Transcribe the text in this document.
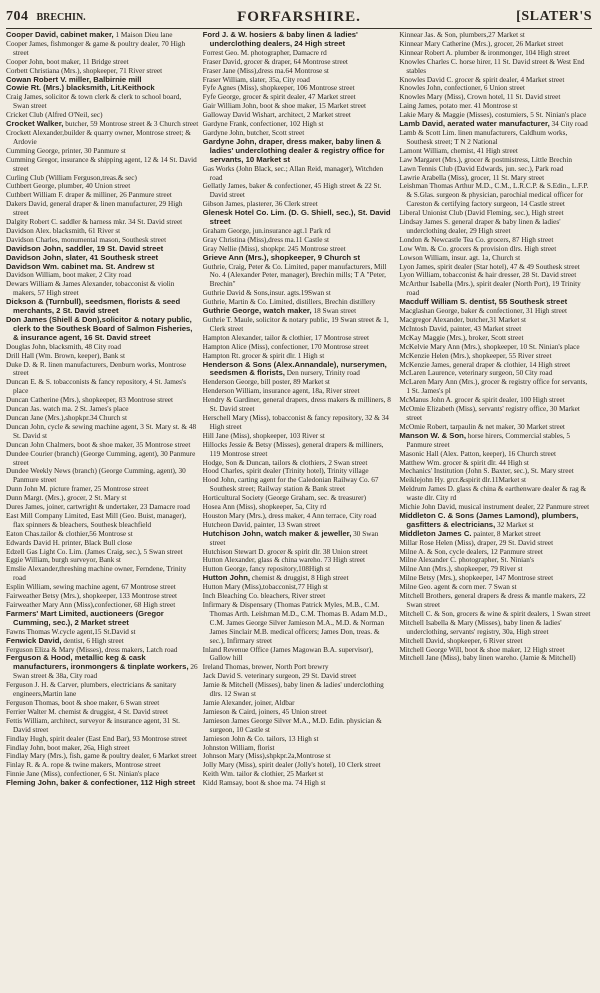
704 BRECHIN.	FORFARSHIRE.	[SLATER'S

Cooper David, cabinet maker, 1 Maison Dieu lane

Cooper James, fishmonger & game & poultry dealer, 70 High street

Cooper John, boot maker, 11 Bridge street

Corbett Christiana (Mrs.), shopkeeper, 71 River street

Cowan Robert V. miller, Balbirnie mill

Cowie Rt. (Mrs.) blacksmith, Lit.Keithock

Craig James, solicitor & town clerk & clerk to school board, Swan street

Cricket Club (Alfred O'Neil, sec)

Crocket Walker, butcher, 59 Montrose street & 3 Church street

Crockett Alexander,builder & quarry owner, Montrose street; & Ardovie

Cumming George, printer, 30 Panmure st

Cumming Gregor, insurance & shipping agent, 12 & 14 St. David street

Curling Club (William Ferguson,treas.& sec)

Cuthbert George, plumber, 40 Union street

Cuthbert William F. draper & milliner, 26 Panmure street

Dakers David, general draper & linen manufacturer, 29 High street

Dalgity Robert C. saddler & harness mkr. 34 St. David street

Davidson Alex. blacksmith, 61 River st

Davidson Charles, monumental mason, Southesk street

Davidson John, saddler, 19 St. David street

Davidson John, slater, 41 Southesk street

Davidson Wm. cabinet ma. St. Andrew st

Davidson William, boot maker, 2 City road

Dewars William & James Alexander, tobacconist & violin makers, 57 High street

Dickson & (Turnbull), seedsmen, florists & seed merchants, 2 St. David street

Don James (Shiell & Don),solicitor & notary public, clerk to the Southesk Board of Salmon Fisheries, & insurance agent, 16 St. David street

Douglas John, blacksmith, 48 City road

Drill Hall (Wm. Brown, keeper), Bank st

Duke D. & R. linen manufacturers, Denburn works, Montrose street

Duncan E. & S. tobacconists & fancy repository, 4 St. James's place

Duncan Catherine (Mrs.), shopkeeper, 83 Montrose street

Duncan Jas. watch ma. 2 St. James's place

Duncan Jane (Mrs.),shopkpr.34 Church st

Duncan John, cycle & sewing machine agent, 3 St. Mary st. & 48 St. David st

Duncan John Chalmers, boot & shoe maker, 35 Montrose street

Dundee Courier (branch) (George Cumming, agent), 30 Panmure street

Dundee Weekly News (branch) (George Cumming, agent), 30 Panmure street

Dunn John M. picture framer, 25 Montrose street

Dunn Margt. (Mrs.), grocer, 2 St. Mary st

Dures James, joiner, cartwright & undertaker, 23 Damacre road

East Mill Company Limited, East Mill (Geo. Buist, manager), flax spinners & bleachers, Southesk bleachfield

Eaton Chas.tailor & clothier,56 Montrose st

Edwards David H. printer, Black Bull close

Edzell Gas Light Co. Lim. (James Craig, sec.), 5 Swan street

Eggie William, burgh surveyor, Bank st

Emslie Alexander,threshing machine owner, Ferndene, Trinity road

Esplin William, sewing machine agent, 67 Montrose street

Fairweather Betsy (Mrs.), shopkeeper, 133 Montrose street

Fairweather Mary Ann (Miss),confectioner, 68 High street

Farmers' Mart Limited, auctioneers (Gregor Cumming, sec.), 2 Market street

Fawns Thomas W.cycle agent,15 St.David st

Fenwick David, dentist, 6 High street

Ferguson Eliza & Mary (Misses), dress makers, Latch road

Ferguson & Hood, metallic keg & cask manufacturers, ironmongers & tinplate workers, 26 Swan street & 38a, City road

Ferguson J. H. & Carver, plumbers, electricians & sanitary engineers,Martin lane

Ferguson Thomas, boot & shoe maker, 6 Swan street

Ferrier Walter M. chemist & druggist, 4 St. David street

Fettis William, architect, surveyor & insurance agent, 31 St. David street

Findlay Hugh, spirit dealer (East End Bar), 93 Montrose street

Findlay John, boot maker, 26a, High street

Findlay Mary (Mrs.), fish, game & poultry dealer, 6 Market street

Finlay R. & A. rope & twine makers, Montrose street

Finnie Jane (Miss), confectioner, 6 St. Ninian's place

Fleming John, baker & confectioner, 112 High street

Ford J. & W. hosiers & baby linen & ladies' underclothing dealers, 24 High street

Forrest Geo. M. photographer, Damacre rd

Fraser David, grocer & draper, 64 Montrose street

Fraser Jane (Miss),dress ma.64 Montrose st

Fraser William, slater, 35a, City road

Fyfe Agnes (Miss), shopkeeper, 106 Montrose street

Fyfe George, grocer & spirit dealer, 47 Market street

Gair William John, boot & shoe maker, 15 Market street

Galloway David Wishart, architect, 2 Market street

Gardyne Frank, confectioner, 102 High st

Gardyne John, butcher, Scott street

Gardyne John, draper, dress maker, baby linen & ladies' underclothing dealer & registry office for servants, 10 Market st

Gas Works (John Black, sec.; Allan Reid, manager), Witchden road

Gellatly James, baker & confectioner, 45 High street & 22 St. David street

Gibson James, plasterer, 36 Clerk street

Glenesk Hotel Co. Lim. (D. G. Shiell, sec.), St. David street

Graham George, jun.insurance agt.1 Park rd

Gray Christina (Miss),dress ma.11 Castle st

Gray Nellie (Miss), shopkpr. 245 Montrose street

Grieve Ann (Mrs.), shopkeeper, 9 Church st

Guthrie, Craig, Peter & Co. Limited, paper manufacturers, Mill No. 4 (Alexander Peter, manager), Brechin mills; T A "Peter, Brechin"

Guthrie David & Sons,insur. agts.19Swan st

Guthrie, Martin & Co. Limited, distillers, Brechin distillery

Guthrie George, watch maker, 18 Swan street

Guthrie T. Maule, solicitor & notary public, 19 Swan street & 1, Clerk street

Hampton Alexander, tailor & clothier, 17 Montrose street

Hampton Alice (Miss), confectioner, 170 Montrose street

Hampton Rt. grocer & spirit dlr. 1 High st

Henderson & Sons (Alex.Annandale), nurserymen, seedsmen & florists, Den nursery, Trinity road

Henderson George, bill poster, 89 Market st

Henderson William, insurance agent, 18a, River street

Hendry & Gardiner, general drapers, dress makers & milliners, 8 St. David street

Herschell Mary (Miss), tobacconist & fancy repository, 32 & 34 High street

Hill Jane (Miss), shopkeeper, 103 River st

Hillocks Jessie & Betsy (Misses), general drapers & milliners, 119 Montrose street

Hodge, Son & Duncan, tailors & clothiers, 2 Swan street

Hood Charles, spirit dealer (Trinity hotel), Trinity village

Hood John, carting agent for the Caledonian Railway Co. 67 Southesk street; Railway station & Bank street

Horticultural Society (George Graham, sec. & treasurer)

Hosea Ann (Miss), shopkeeper, 5a, City rd

Houston Mary (Mrs.), dress maker, 4 Ann terrace, City road

Hutcheon David, painter, 13 Swan street

Hutchison John, watch maker & jeweller, 30 Swan street

Hutchison Stewart D. grocer & spirit dlr. 38 Union street

Hutton Alexander, glass & china wareho. 73 High street

Hutton George, fancy repository,108High st

Hutton John, chemist & druggist, 8 High street

Hutton Mary (Miss),tobacconist,77 High st

Inch Bleaching Co. bleachers, River street

Infirmary & Dispensary (Thomas Patrick Myles, M.B., C.M. Thomas Arth. Leishman M.D., C.M. Thomas B. Adam M.D., C.M. James George Silver Jamieson M.A., M.D. & Norman James Sinclair M.B. medical officers; James Don, treas. & sec.), Infirmary street

Inland Revenue Office (James Magowan B.A. supervisor), Gallow hill

Ireland Thomas, brewer, North Port brewry

Jack David S. veterinary surgeon, 29 St. David street

Jamie & Mitchell (Misses), baby linen & ladies' underclothing dlrs. 12 Swan st

Jamie Alexander, joiner, Aldbar

Jamieson & Caird, joiners, 45 Union street

Jamieson James George Silver M.A., M.D. Edin. physician & surgeon, 10 Castle st

Jamieson John & Co. tailors, 13 High st

Johnston William, florist

Johnson Mary (Miss),shpkpr.2a,Montrose st

Jolly Mary (Miss), spirit dealer (Jolly's hotel), 10 Clerk street

Keith Wm. tailor & clothier, 25 Market st

Kidd Ramsay, boot & shoe ma. 74 High st

Kinnear Jas. & Son, plumbers,27 Market st

Kinnear Mary Catherine (Mrs.), grocer, 26 Market street

Kinnear Robert A. plumber & ironmonger, 104 High street

Knowles Charles C. horse hirer, 11 St. David street & West End stables

Knowles David C. grocer & spirit dealer, 4 Market street

Knowles John, confectioner, 6 Union street

Knowles Mary (Miss), Crown hotel, 11 St. David street

Laing James, potato mer. 41 Montrose st

Lakie Mary & Maggie (Misses), costumiers, 5 St. Ninian's place

Lamb David, aerated water manufacturer, 34 City road

Lamb & Scott Lim. linen manufacturers, Caldhum works, Southesk street; T N 2 National

Lamont William, chemist, 41 High street

Law Margaret (Mrs.), grocer & postmistress, Little Brechin

Lawn Tennis Club (David Edwards, jun. sec.), Park road

Lawrie Arabella (Miss), grocer, 11 St. Mary street

Leishman Thomas Arthur M.D., C.M., L.R.C.P. & S.Edin., L.F.P. & S.Glas. surgeon & physician, parochial medical officer for Careston & certifying factory surgeon, 14 Castle street

Liberal Unionist Club (David Fleming, sec.), High street

Lindsay James S. general draper & baby linen & ladies' underclothing dealer, 29 High street

London & Newcastle Tea Co. grocers, 87 High street

Low Wm. & Co. grocers & provision dlrs. High street

Lowson William, insur. agt. 1a, Church st

Lyon James, spirit dealer (Star hotel), 47 & 49 Southesk street

Lyon William, tobacconist & hair dresser, 28 St. David street

McArthur Isabella (Mrs.), spirit dealer (North Port), 19 Trinity road

Macduff William S. dentist, 55 Southesk street

Macglashan George, baker & confectioner, 31 High street

Macgregor Alexander, butcher,31 Market st

McIntosh David, painter, 43 Market street

McKay Maggie (Mrs.), broker, Scott street

McKelvie Mary Ann (Mrs.), shopkeeper, 10 St. Ninian's place

McKenzie Helen (Mrs.), shopkeeper, 55 River street

McKenzie James, general draper & clothier, 14 High street

McLaren Laurence, veterinary surgeon, 50 City road

McLaren Mary Ann (Mrs.), grocer & registry office for servants, 1 St. James's pl

McManus John A. grocer & spirit dealer, 100 High street

McOmie Elizabeth (Miss), servants' registry office, 30 Market street

McOmie Robert, tarpaulin & net maker, 30 Market street

Manson W. & Son, horse hirers, Commercial stables, 5 Panmure street

Masonic Hall (Alex. Patton, keeper), 16 Church street

Matthew Wm. grocer & spirit dlr. 44 High st

Mechanics' Institution (John S. Baxter, sec.), St. Mary street

Meiklejohn Hy. grcr.&spirit dlr.11Market st

Meldrum James D. glass & china & earthenware dealer & rag & waste dlr. City rd

Michie John David, musical instrument dealer, 22 Panmure street

Middleton C. & Sons (James Lamond), plumbers, gasfitters & electricians, 32 Market st

Middleton James C. painter, 8 Market street

Millar Rose Helen (Miss), draper, 29 St. David street

Milne A. & Son, cycle dealers, 12 Panmure street

Milne Alexander C. photographer, St. Ninian's

Milne Ann (Mrs.), shopkeeper, 79 River st

Milne Betsy (Mrs.), shopkeeper, 147 Montrose street

Milne Geo. agent & corn mer. 7 Swan st

Mitchell Brothers, general drapers & dress & mantle makers, 22 Swan street

Mitchell C. & Son, grocers & wine & spirit dealers, 1 Swan street

Mitchell Isabella & Mary (Misses), baby linen & ladies' underclothing, servants' registry, 30a, High street

Mitchell David, shopkeeper, 6 River street

Mitchell George Will, boot & shoe maker, 12 High street

Mitchell Jane (Miss), baby linen wareho. (Jamie & Mitchell)
